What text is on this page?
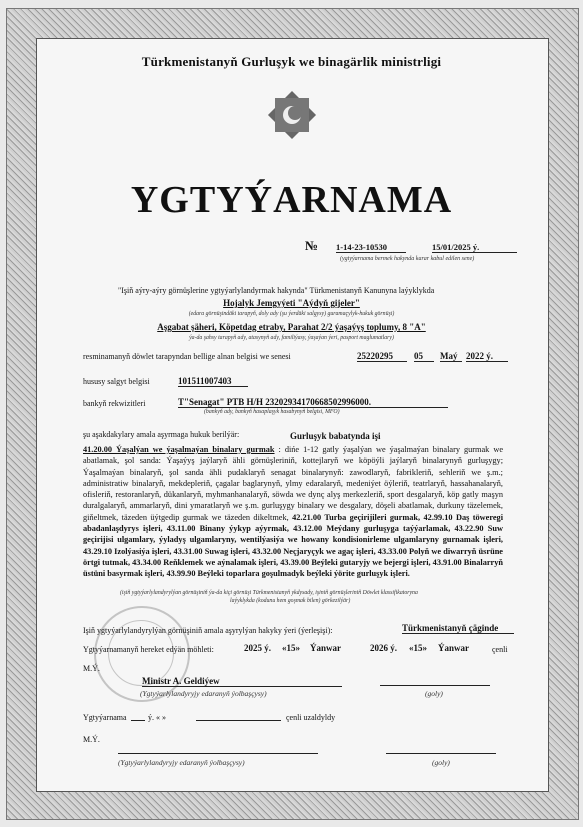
Türkmenistanyň Gurluşyk we binagärlik ministrligi
YGTYÝARNAMA
№ 1-14-23-10530	15/01/2025 ý.
(ygtyýarnama bermek hakynda karar kabul edilen sene)
"Işiň aýry-aýry görnüşlerine ygtyýarlylandyrmak hakynda" Türkmenistanyň Kanunyna laýyklykda
Hojalyk Jemgyýeti "Aýdyň gijeler"
(edara görnüşindäki tarapyň, doly ady (şu ýerdäki salgysy) guramaçylyk-hukuk görnüşi)
Aşgabat şäheri, Köpetdag etraby, Parahat 2/2 ýaşaýyş toplumy, 8 "A"
ýa-da şahsy tarapyň ady, atasynyň ady, familiýasy, ýaşaýan ýeri, pasport maglumatlary)
resminamanyň döwlet tarapyndan bellige alnan belgisi we senesi	25220295	05	Maý 2022 ý.
hususy salgyt belgisi	101511007403
bankyň rekwizitleri	T"Senagat" PTB H/H 23202934170668502996000.
(bankyň ady, bankyň hasaplaşyk hasabynyň belgisi, MFO)
şu aşakdakylary amala aşyrmaga hukuk berilýär:	Gurluşyk babatynda işi
41.20.00 Ýaşalýan we ýaşalmaýan binalary gurmak : dińe 1-12 gatly ýaşalýan we ýaşalmaýan binalary gurmak we abatlamak, şol sanda: Ýaşaýyş jaýlaryň ähli görnüşleriniň, kottejlaryň we köpöýli jaýlaryň binalarynyň gurluşygy; Ýaşalmaýan binalaryň, şol sanda ähli pudaklaryň senagat binalarynyň: zawodlaryň, fabrikleriň, sehleriň we ş.m.; administratiw binalaryň, mekdepleriň, çagalar baglarynyň, ylmy edaralaryň, medeniýet öýleriň, teatrlaryň, hassahanalaryň, ofisleriň, restoranlaryň, dükanlaryň, myhmanhanalaryň, söwda we dynç alyş merkezleriň, sport desgalaryň, köp gatly maşyn duralgalaryň, ammarlaryň, dini ymaratlaryň we ş.m. gurluşygy binalary we desgalary, döşeli abatlamak, durkuny täzelemek, giňeltmek, täzeden üýtgedip gurmak we täzeden dikeltmek, 42.21.00 Turba geçirijileri gurmak, 42.99.10 Daş töweregi abadanlaşdyrys işleri, 43.11.00 Binany ýykyp aýyrmak, 43.12.00 Meýdany gurluşyga taýýarlamak, 43.22.90 Suw geçirijisi ulgamlary, ýyladyş ulgamlaryny, wentilýasiýa we howany kondisionirleme ulgamlaryny gurnamak işleri, 43.29.10 Izolýasiýa işleri, 43.31.00 Suwag işleri, 43.32.00 Neçjaryçyk we agaç işleri, 43.33.00 Polyň we diwarryň üsrüne örtgi tutmak, 43.34.00 Reňklemek we aýnalamak işleri, 43.39.00 Beýleki gutaryjy we bejergi işleri, 43.91.00 Binalarryň üstüni basyrmak işleri, 43.99.90 Beýleki toparlara goşulmadyk beýleki ýörite gurluşyk işleri.
(işiň ygtyýarlylandyrylýan görnüşiniň ýa-da kiçi görnüşi Türkmenistanyň ykdysady, işiniň görnüşleriniň Döwlet klassifikatoryna
laýyklykda (kodunu hem goşmak bilen) görkezilýär)
Işiň ygtyýarlylandyrylýan görnüşiniň amala aşyrylýan hakyky ýeri (ýerleşişi):	Türkmenistanyň çäginde
Ygtyýarnamanyň hereket edýän möhleti:	2025 ý. «15» Ýanwar	2026 ý. «15» Ýanwar	çenli
M.Ý.
Ministr A. Geldiýew
(Ygtyýarlylandyryjy edaranyň ýolbaşçysy)	(goly)
Ygtyýarnama	ý. « »	çenli uzaldyldy
M.Ý.
(Ygtyýarlylandyryjy edaranyň ýolbaşçysy)	(goly)
